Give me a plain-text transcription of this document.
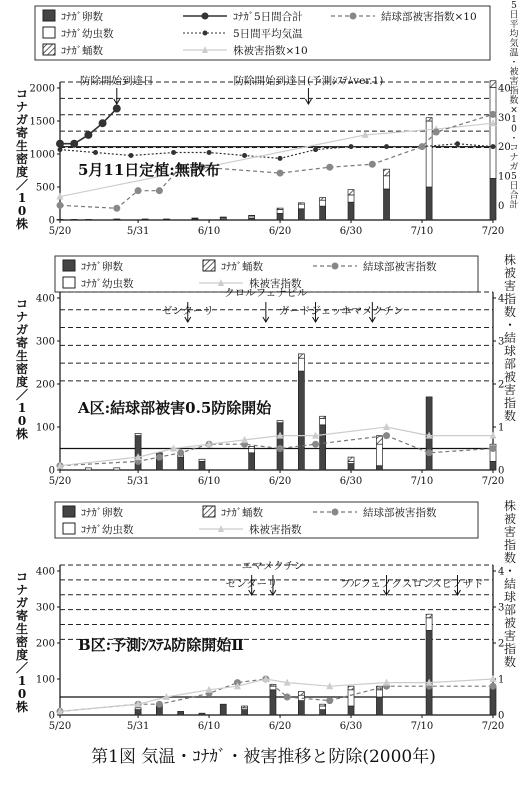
ｺﾅｶﾞ卵数
ｺﾅｶﾞ幼虫数
ｺﾅｶﾞ蛹数
ｺﾅｶﾞ5日間合計
5日間平均気温
株被害指数×10
結球部被害指数×10
0
500
1000
1500
2000
0
10
20
30
40
5/20	5/31	6/10	6/20	6/30	7/10	7/20
防除開始到達日	防除開始到達日(予測ｼｽﾃﾑver.1)
5月11日定植:無散布
コ
ナ
ガ
寄
生
密
度
／
1
0
株
5
日
平
均
気
温
・
被
害
指
数
×
1
0
・
コ
ナ
ガ
5
日
合
計
ｺﾅｶﾞ卵数
ｺﾅｶﾞ幼虫数
ｺﾅｶﾞ蛹数
株被害指数
結球部被害指数
0
100
200
300
400
0
1
2
3
4
5/20	5/31	6/10	6/20	6/30	7/10	7/20
クロルフェナピル
ゼンターリ	ガードジェット
エマメクチン
A区:結球部被害0.5防除開始
コ
ナ
ガ
寄
生
密
度
／
1
0
株
株
被
害
指
数
・
結
球
部
被
害
指
数
ｺﾅｶﾞ卵数
ｺﾅｶﾞ幼虫数
ｺﾅｶﾞ蛹数
株被害指数
結球部被害指数
0
100
200
300
400
0
1
2
3
4
5/20	5/31	6/10	6/20	6/30	7/10	7/20
エマメクチン
ゼンターリ	フルフェノクスロン
スピノサド
B区:予測ｼｽﾃﾑ防除開始Ⅱ
コ
ナ
ガ
寄
生
密
度
／
1
0
株
株
被
害
指
数
・
結
球
部
被
害
指
数
第1図 気温・ｺﾅｶﾞ・被害推移と防除(2000年)
